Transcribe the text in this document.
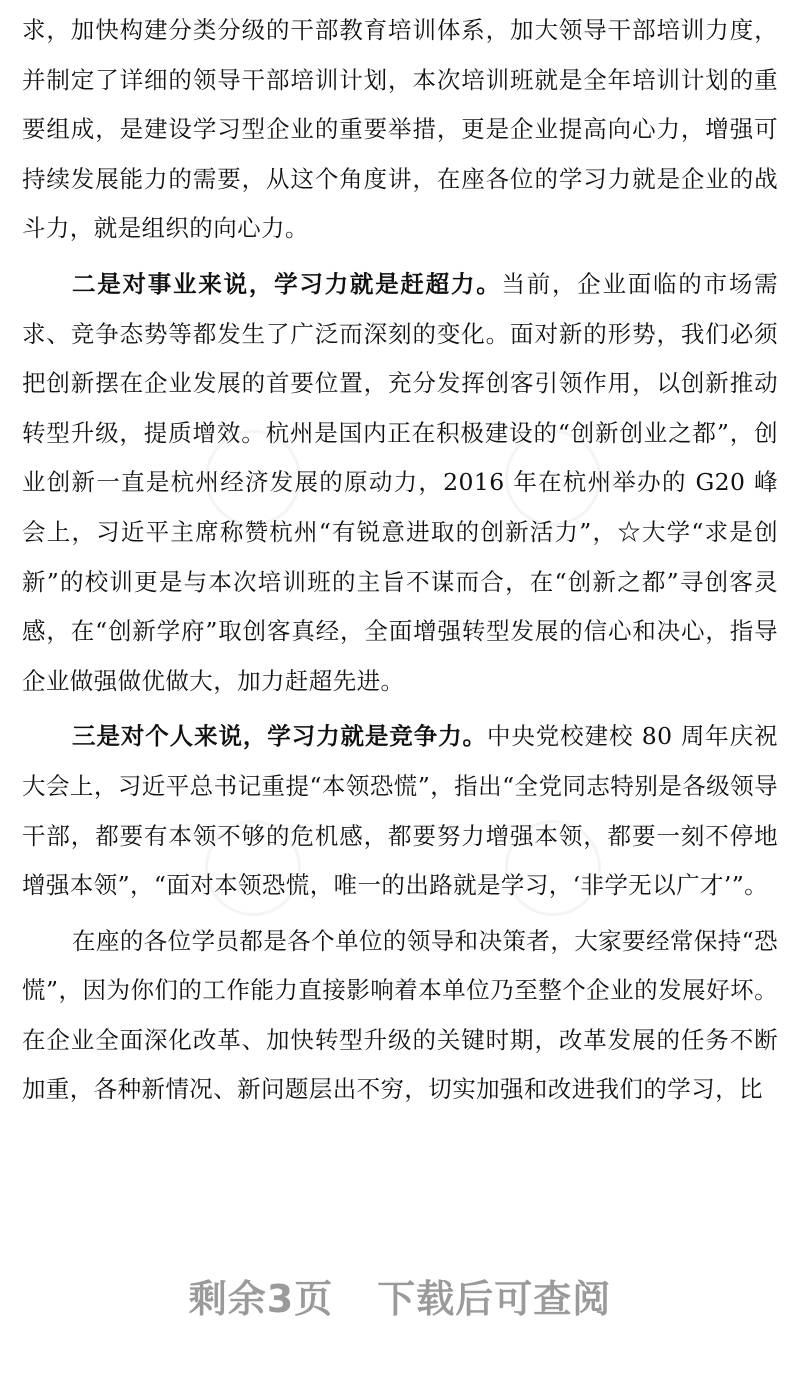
求，加快构建分类分级的干部教育培训体系，加大领导干部培训力度，并制定了详细的领导干部培训计划，本次培训班就是全年培训计划的重要组成，是建设学习型企业的重要举措，更是企业提高向心力，增强可持续发展能力的需要，从这个角度讲，在座各位的学习力就是企业的战斗力，就是组织的向心力。

二是对事业来说，学习力就是赶超力。当前，企业面临的市场需求、竞争态势等都发生了广泛而深刻的变化。面对新的形势，我们必须把创新摆在企业发展的首要位置，充分发挥创客引领作用，以创新推动转型升级，提质增效。杭州是国内正在积极建设的“创新创业之都”，创业创新一直是杭州经济发展的原动力，2016 年在杭州举办的 G20 峰会上，习近平主席称赞杭州“有锐意进取的创新活力”，☆大学“求是创新”的校训更是与本次培训班的主旨不谋而合，在“创新之都”寻创客灵感，在“创新学府”取创客真经，全面增强转型发展的信心和决心，指导企业做强做优做大，加力赶超先进。

三是对个人来说，学习力就是竞争力。中央党校建校 80 周年庆祝大会上，习近平总书记重提“本领恐慌”，指出“全党同志特别是各级领导干部，都要有本领不够的危机感，都要努力增强本领，都要一刻不停地增强本领”，“面对本领恐慌，唯一的出路就是学习，‘非学无以广才’”。

在座的各位学员都是各个单位的领导和决策者，大家要经常保持“恐慌”，因为你们的工作能力直接影响着本单位乃至整个企业的发展好坏。在企业全面深化改革、加快转型升级的关键时期，改革发展的任务不断加重，各种新情况、新问题层出不穷，切实加强和改进我们的学习，比

剩余3页 下载后可查阅
